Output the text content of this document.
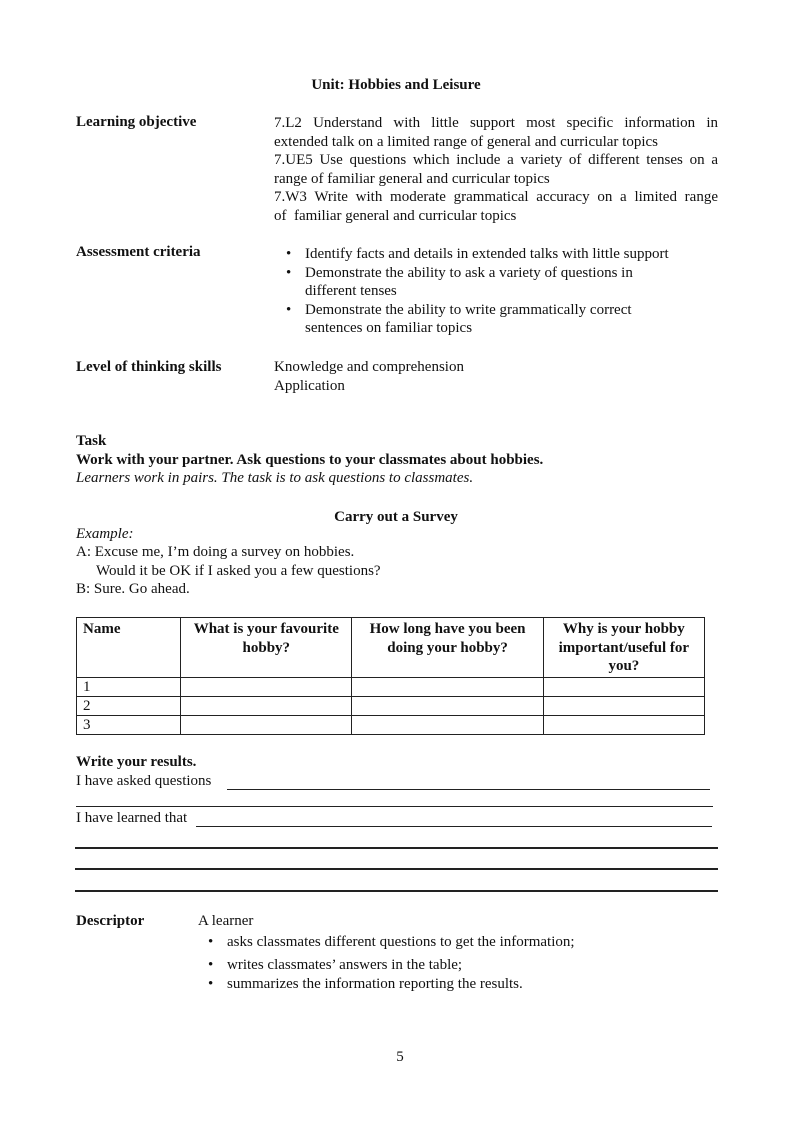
Unit: Hobbies and Leisure
Learning objective	7.L2 Understand with little support most specific information in
extended talk on a limited range of general and curricular topics
7.UE5 Use questions which include a variety of different tenses on a
range of familiar general and curricular topics
7.W3 Write with moderate grammatical accuracy on a limited range
of  familiar general and curricular topics
Assessment criteria	• Identify facts and details in extended talks with little support
• Demonstrate the ability to ask a variety of questions in
different tenses
• Demonstrate the ability to write grammatically correct
sentences on familiar topics
Level of thinking skills	Knowledge and comprehension
Application
Task
Work with your partner. Ask questions to your classmates about hobbies.
Learners work in pairs. The task is to ask questions to classmates.
Carry out a Survey
Example:
A: Excuse me, I’m doing a survey on hobbies.
Would it be OK if I asked you a few questions?
B: Sure. Go ahead.
Name	What is your favourite hobby?	How long have you been doing your hobby?	Why is your hobby important/useful for you?
1			
2			
3			
Write your results.
I have asked questions
I have learned that
Descriptor	A learner
• asks classmates different questions to get the information;
• writes classmates’ answers in the table;
• summarizes the information reporting the results.
5
